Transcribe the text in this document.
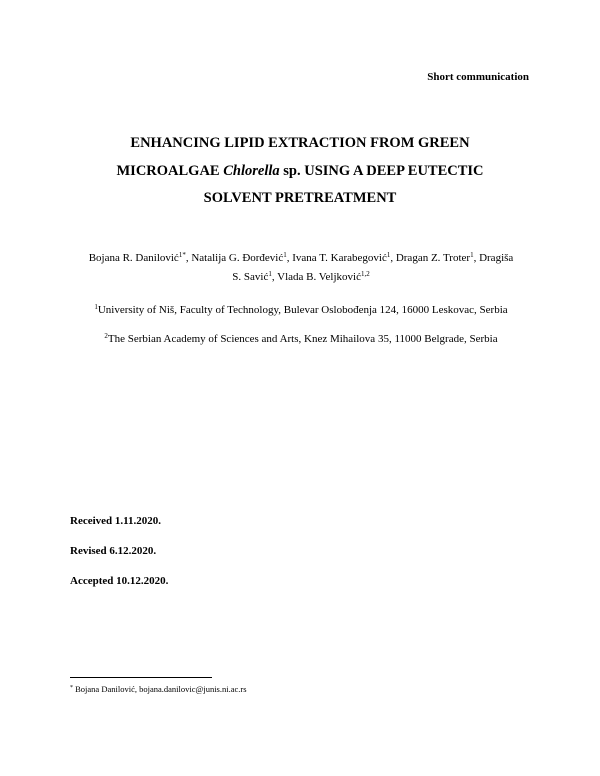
Short communication
ENHANCING LIPID EXTRACTION FROM GREEN
MICROALGAE Chlorella sp. USING A DEEP EUTECTIC
SOLVENT PRETREATMENT
Bojana R. Danilović$^{1*}$, Natalija G. Đorđević$^1$, Ivana T. Karabegović$^1$, Dragan Z. Troter$^1$, Dragiša
S. Savić$^1$, Vlada B. Veljković$^{1,2}$
$^1$University of Niš, Faculty of Technology, Bulevar Oslobođenja 124, 16000 Leskovac, Serbia
$^2$The Serbian Academy of Sciences and Arts, Knez Mihailova 35, 11000 Belgrade, Serbia
Received 1.11.2020.
Revised 6.12.2020.
Accepted 10.12.2020.
* Bojana Danilović, bojana.danilovic@junis.ni.ac.rs
